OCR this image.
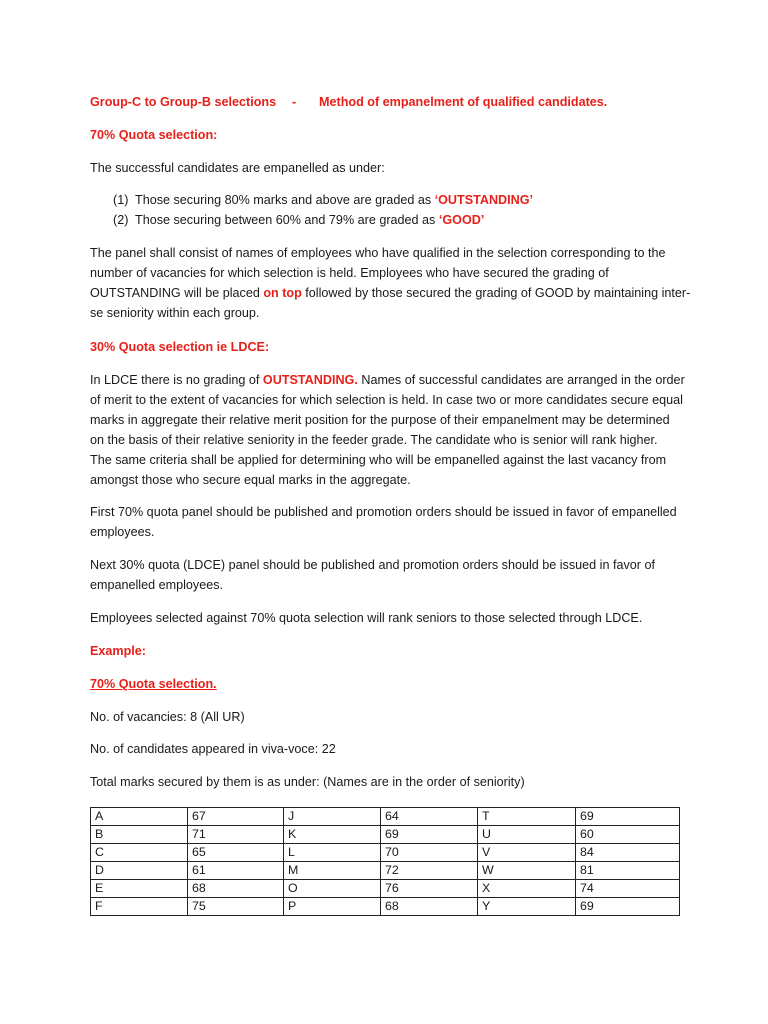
Group-C to Group-B selections - Method of empanelment of qualified candidates.
70% Quota selection:
The successful candidates are empanelled as under:
(1) Those securing 80% marks and above are graded as ‘OUTSTANDING’
(2) Those securing between 60% and 79% are graded as ‘GOOD’
The panel shall consist of names of employees who have qualified in the selection corresponding to the
number of vacancies for which selection is held. Employees who have secured the grading of
OUTSTANDING will be placed on top followed by those secured the grading of GOOD by maintaining inter-
se seniority within each group.
30% Quota selection ie LDCE:
In LDCE there is no grading of OUTSTANDING. Names of successful candidates are arranged in the order
of merit to the extent of vacancies for which selection is held. In case two or more candidates secure equal
marks in aggregate their relative merit position for the purpose of their empanelment may be determined
on the basis of their relative seniority in the feeder grade. The candidate who is senior will rank higher.
The same criteria shall be applied for determining who will be empanelled against the last vacancy from
amongst those who secure equal marks in the aggregate.
First 70% quota panel should be published and promotion orders should be issued in favor of empanelled
employees.
Next 30% quota (LDCE) panel should be published and promotion orders should be issued in favor of
empanelled employees.
Employees selected against 70% quota selection will rank seniors to those selected through LDCE.
Example:
70% Quota selection.
No. of vacancies: 8 (All UR)
No. of candidates appeared in viva-voce: 22
Total marks secured by them is as under: (Names are in the order of seniority)
A	67	J	64	T	69
B	71	K	69	U	60
C	65	L	70	V	84
D	61	M	72	W	81
E	68	O	76	X	74
F	75	P	68	Y	69
